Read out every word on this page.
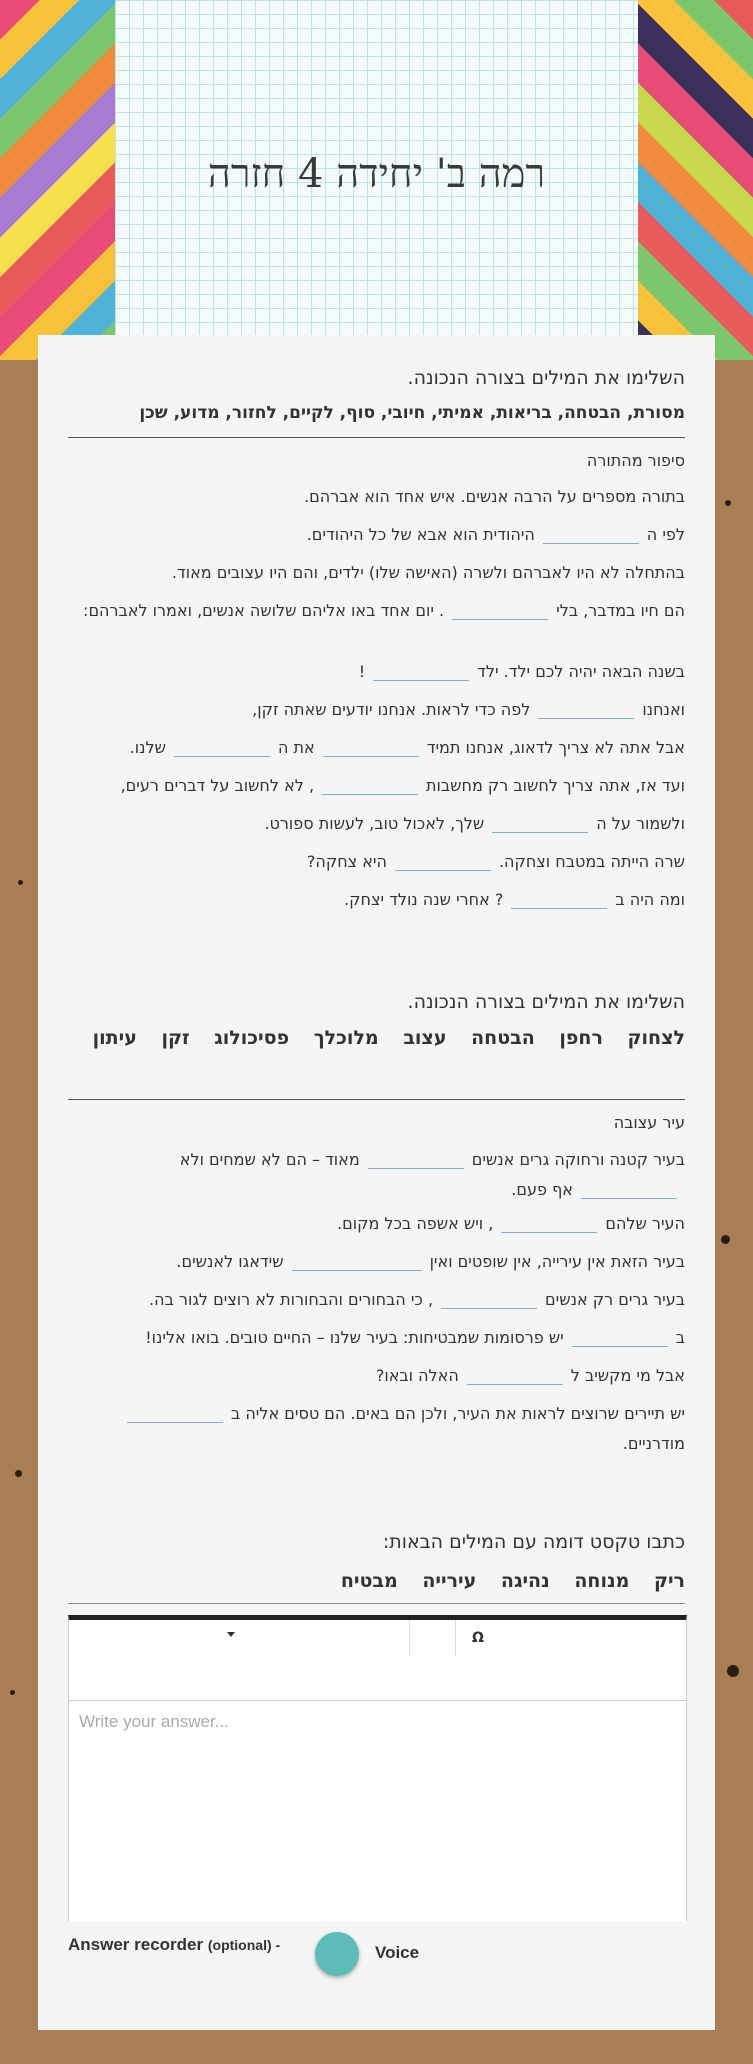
רמה ב' יחידה 4 חזרה
השלימו את המילים בצורה הנכונה.
מסורת, הבטחה, בריאות, אמיתי, חיובי, סוף, לקיים, לחזור, מדוע, שכן
סיפור מהתורה
בתורה מספרים על הרבה אנשים. איש אחד הוא אברהם.
לפי ההיהודית הוא אבא של כל היהודים.
בהתחלה לא היו לאברהם ולשרה (האישה שלו) ילדים, והם היו עצובים מאוד.
הם חיו במדבר, בלי. יום אחד באו אליהם שלושה אנשים, ואמרו לאברהם:
בשנה הבאה יהיה לכם ילד. ילד!
ואנחנולפה כדי לראות. אנחנו יודעים שאתה זקן,
אבל אתה לא צריך לדאוג, אנחנו תמידאת השלנו.
ועד אז, אתה צריך לחשוב רק מחשבות, לא לחשוב על דברים רעים,
ולשמור על השלך, לאכול טוב, לעשות ספורט.
שרה הייתה במטבח וצחקה.היא צחקה?
ומה היה ב? אחרי שנה נולד יצחק.
השלימו את המילים בצורה הנכונה.
לצחוק רחפן הבטחה עצוב מלוכלך פסיכולוג זקן עיתון
עיר עצובה
בעיר קטנה ורחוקה גרים אנשיםמאוד – הם לא שמחים ולאאף פעם.
העיר שלהם, ויש אשפה בכל מקום.
בעיר הזאת אין עירייה, אין שופטים ואיןשידאגו לאנשים.
בעיר גרים רק אנשים, כי הבחורים והבחורות לא רוצים לגור בה.
ביש פרסומות שמבטיחות: בעיר שלנו – החיים טובים. בואו אלינו!
אבל מי מקשיב להאלה ובאו?
יש תיירים שרוצים לראות את העיר, ולכן הם באים. הם טסים אליה במודרניים.
כתבו טקסט דומה עם המילים הבאות:
ריק מנוחה נהיגה עירייה מבטיח
Ω
Write your answer...
Answer recorder (optional) -	Voice
